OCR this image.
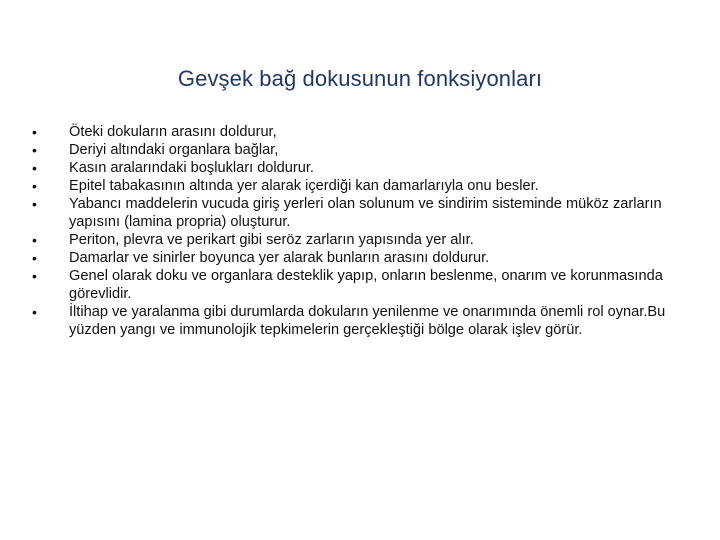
Gevşek bağ dokusunun fonksiyonları
•	Öteki dokuların arasını doldurur,
•	Deriyi altındaki organlara bağlar,
•	Kasın aralarındaki boşlukları doldurur.
•	Epitel tabakasının altında yer alarak içerdiği kan damarlarıyla onu besler.
•	Yabancı maddelerin vucuda giriş yerleri olan solunum ve sindirim sisteminde müköz zarların yapısını (lamina propria) oluşturur.
•	Periton, plevra ve perikart gibi seröz zarların yapısında yer alır.
•	Damarlar ve sinirler boyunca yer alarak bunların arasını doldurur.
•	Genel olarak doku ve organlara desteklik yapıp, onların beslenme, onarım ve korunmasında görevlidir.
•	İltihap ve yaralanma gibi durumlarda dokuların yenilenme ve onarımında önemli rol oynar.Bu yüzden yangı ve immunolojik tepkimelerin gerçekleştiği bölge olarak işlev görür.
